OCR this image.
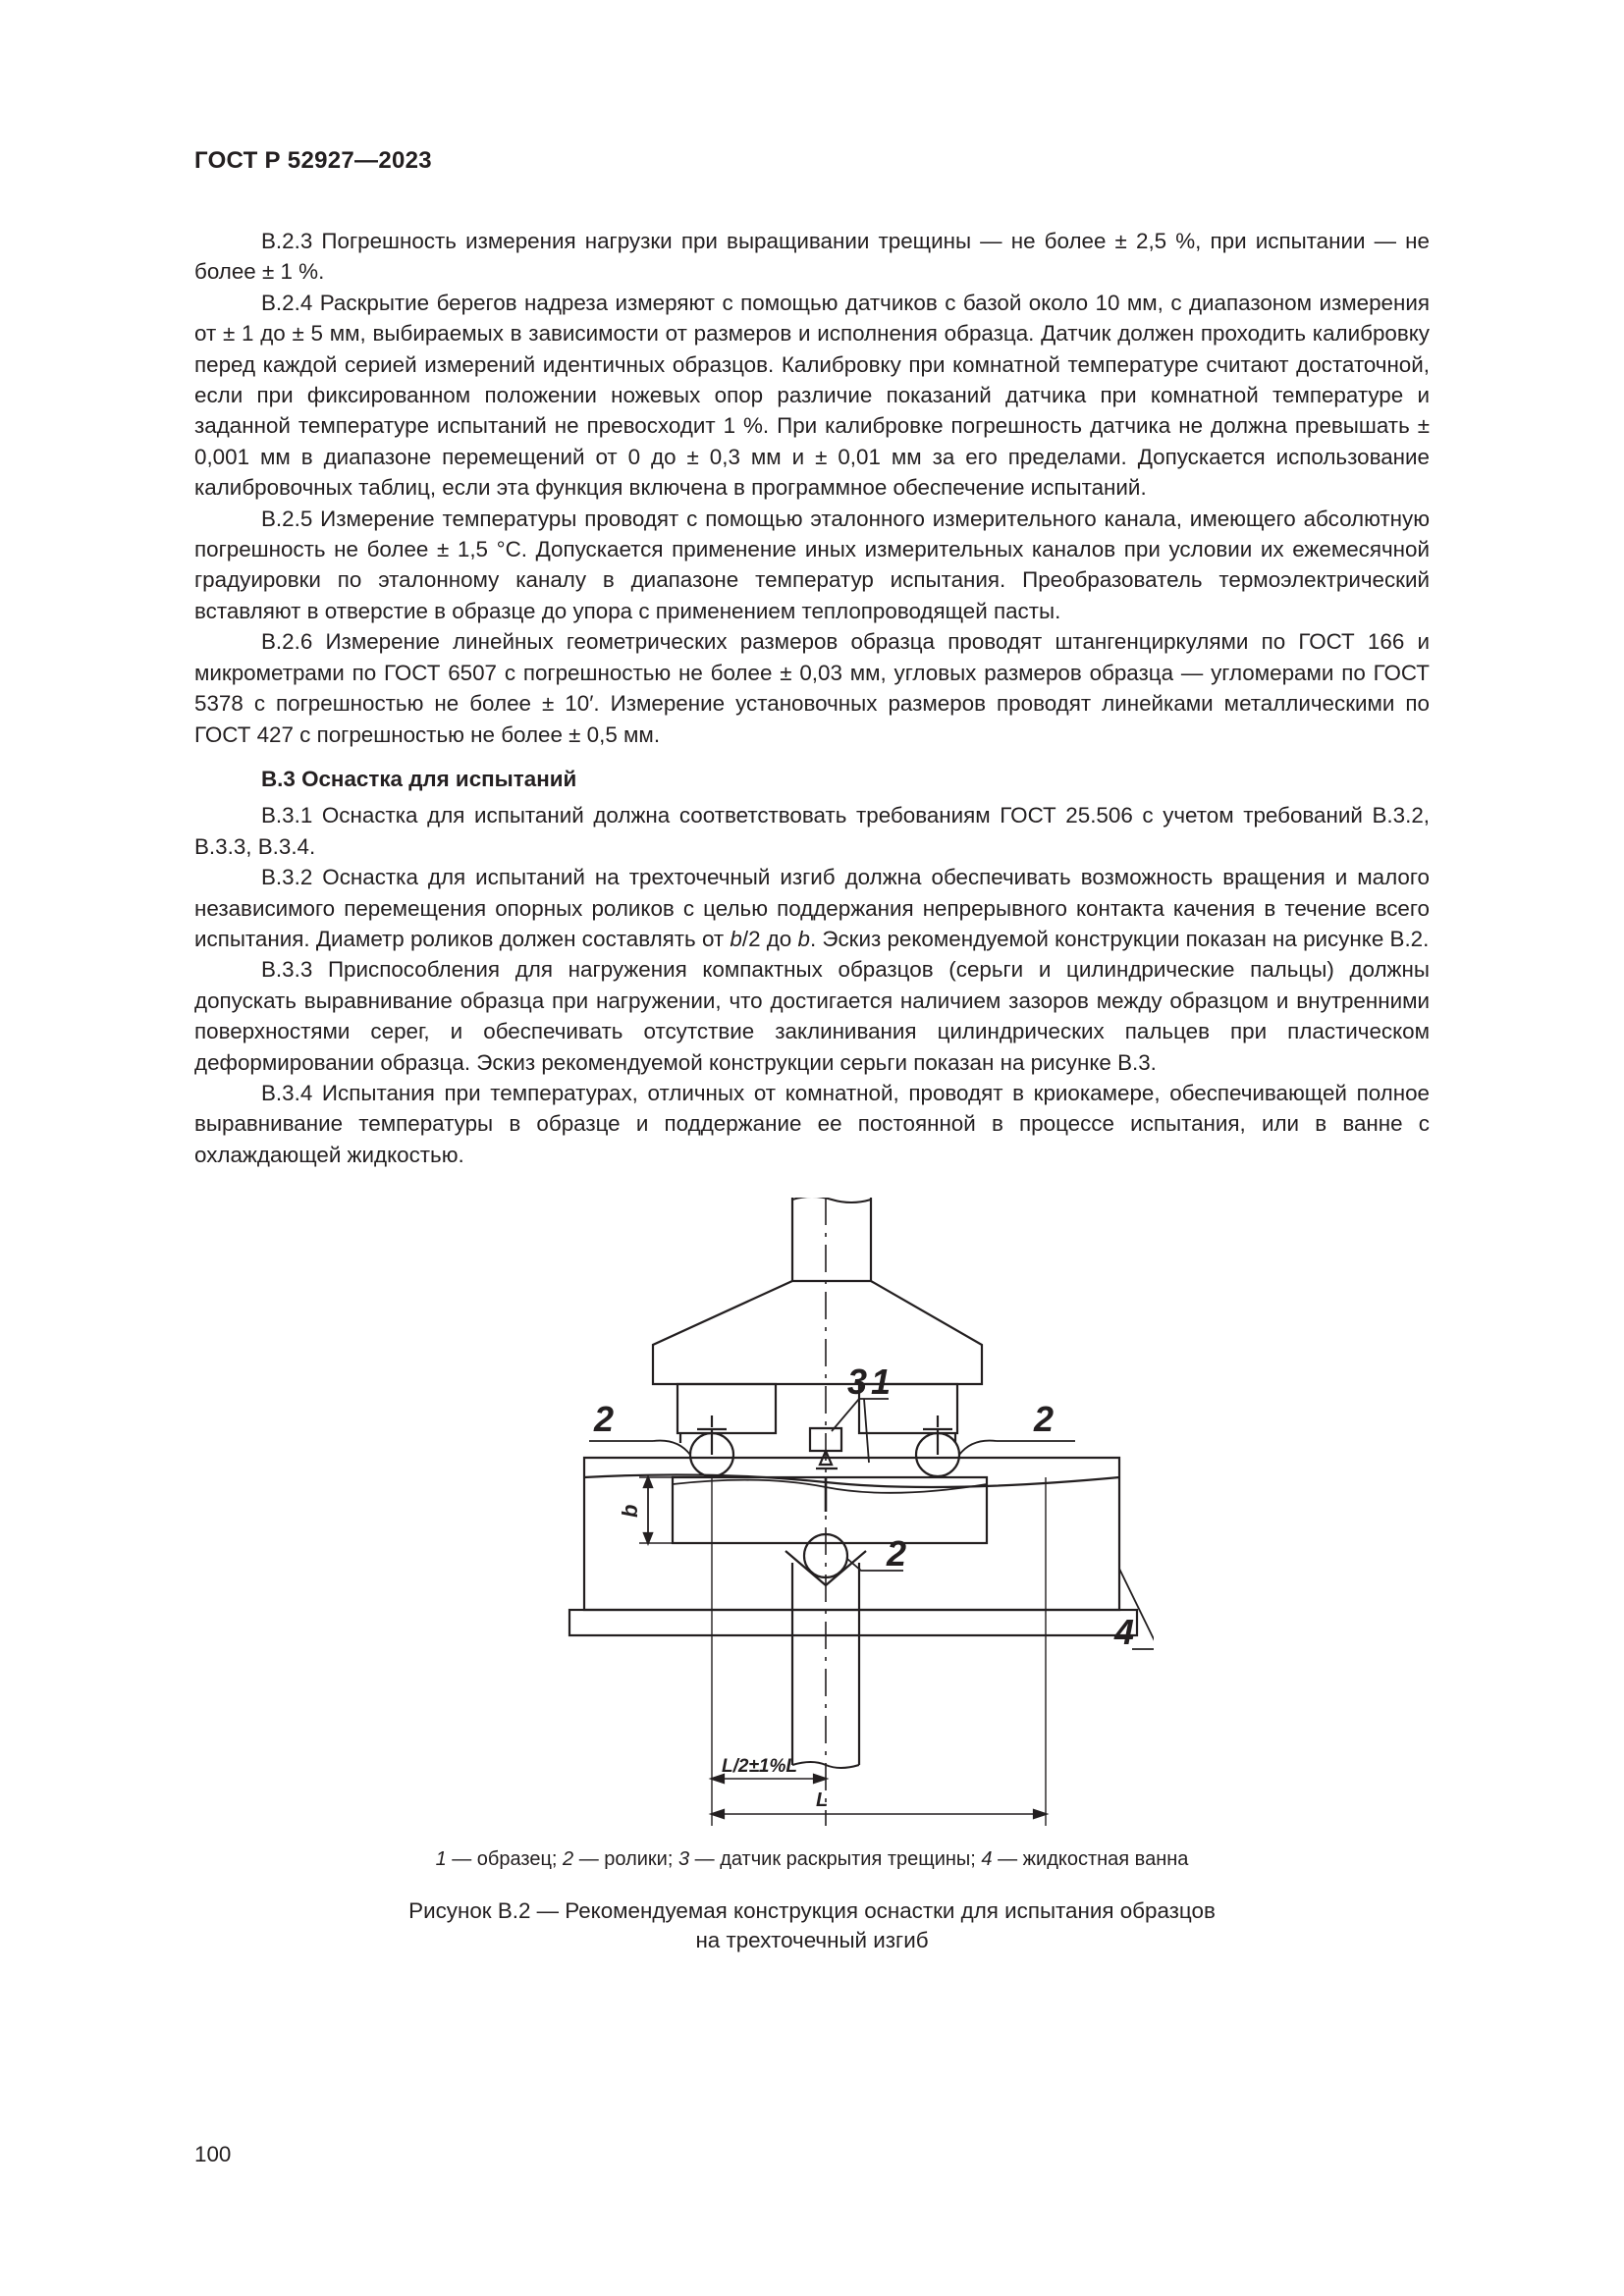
ГОСТ Р 52927—2023

В.2.3 Погрешность измерения нагрузки при выращивании трещины — не более ± 2,5 %, при испытании — не более ± 1 %.

В.2.4 Раскрытие берегов надреза измеряют с помощью датчиков с базой около 10 мм, с диапазоном измерения от ± 1 до ± 5 мм, выбираемых в зависимости от размеров и исполнения образца. Датчик должен проходить калибровку перед каждой серией измерений идентичных образцов. Калибровку при комнатной температуре считают достаточной, если при фиксированном положении ножевых опор различие показаний датчика при комнатной температуре и заданной температуре испытаний не превосходит 1 %. При калибровке погрешность датчика не должна превышать ± 0,001 мм в диапазоне перемещений от 0 до ± 0,3 мм и ± 0,01 мм за его пределами. Допускается использование калибровочных таблиц, если эта функция включена в программное обеспечение испытаний.

В.2.5 Измерение температуры проводят с помощью эталонного измерительного канала, имеющего абсолютную погрешность не более ± 1,5 °С. Допускается применение иных измерительных каналов при условии их ежемесячной градуировки по эталонному каналу в диапазоне температур испытания. Преобразователь термоэлектрический вставляют в отверстие в образце до упора с применением теплопроводящей пасты.

В.2.6 Измерение линейных геометрических размеров образца проводят штангенциркулями по ГОСТ 166 и микрометрами по ГОСТ 6507 с погрешностью не более ± 0,03 мм, угловых размеров образца — угломерами по ГОСТ 5378 с погрешностью не более ± 10′. Измерение установочных размеров проводят линейками металлическими по ГОСТ 427 с погрешностью не более ± 0,5 мм.

В.3 Оснастка для испытаний

В.3.1 Оснастка для испытаний должна соответствовать требованиям ГОСТ 25.506 с учетом требований В.3.2, В.3.3, В.3.4.

В.3.2 Оснастка для испытаний на трехточечный изгиб должна обеспечивать возможность вращения и малого независимого перемещения опорных роликов с целью поддержания непрерывного контакта качения в течение всего испытания. Диаметр роликов должен составлять от b/2 до b. Эскиз рекомендуемой конструкции показан на рисунке В.2.

В.3.3 Приспособления для нагружения компактных образцов (серьги и цилиндрические пальцы) должны допускать выравнивание образца при нагружении, что достигается наличием зазоров между образцом и внутренними поверхностями серег, и обеспечивать отсутствие заклинивания цилиндрических пальцев при пластическом деформировании образца. Эскиз рекомендуемой конструкции серьги показан на рисунке В.3.

В.3.4 Испытания при температурах, отличных от комнатной, проводят в криокамере, обеспечивающей полное выравнивание температуры в образце и поддержание ее постоянной в процессе испытания, или в ванне с охлаждающей жидкостью.

2	2
3 1
2
4
b
L/2±1%L
L
1 — образец; 2 — ролики; 3 — датчик раскрытия трещины; 4 — жидкостная ванна
Рисунок В.2 — Рекомендуемая конструкция оснастки для испытания образцов
на трехточечный изгиб
100
